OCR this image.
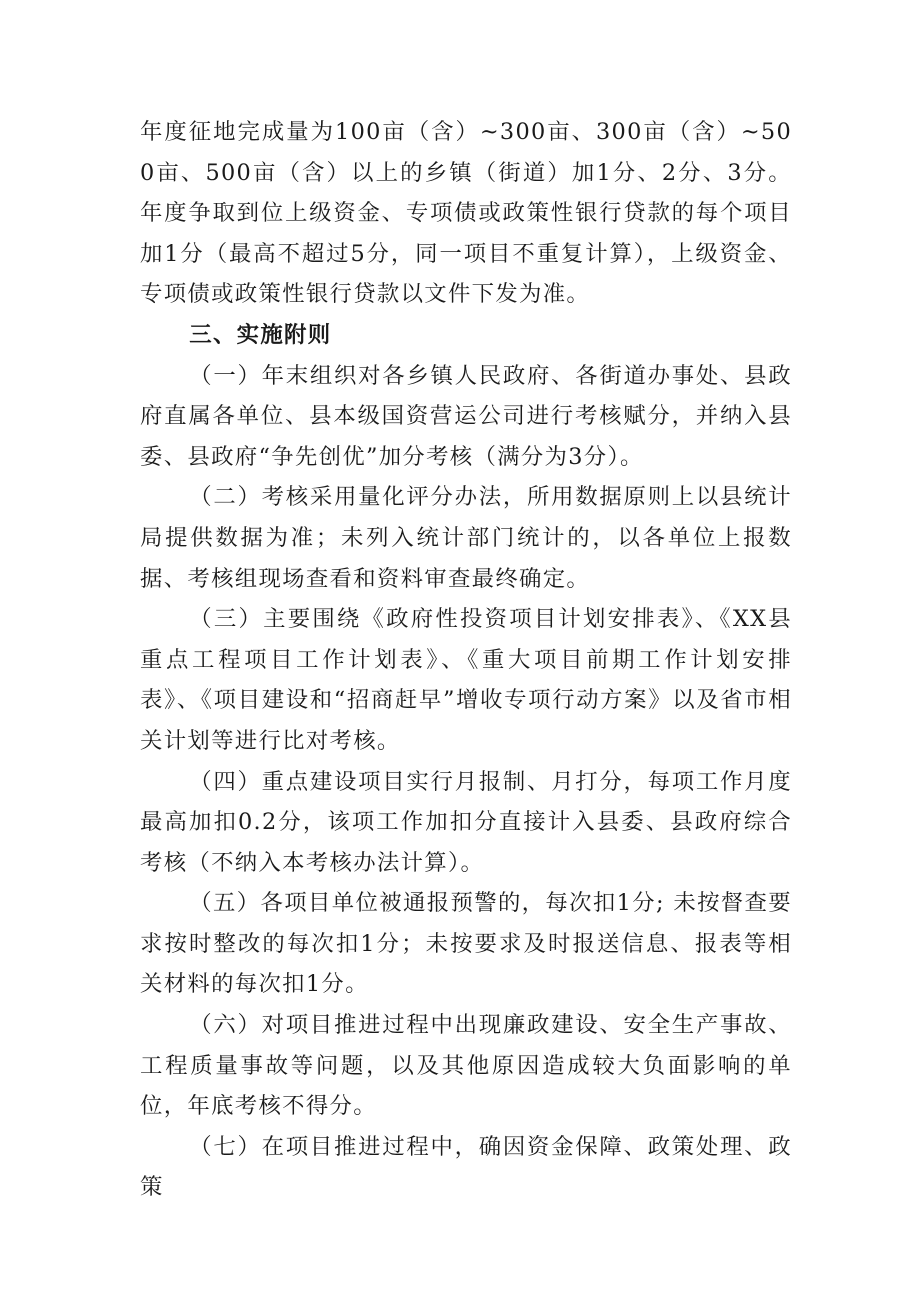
年度征地完成量为100亩（含）~300亩、300亩（含）~500亩、500亩（含）以上的乡镇（街道）加1分、2分、3分。年度争取到位上级资金、专项债或政策性银行贷款的每个项目加1分（最高不超过5分，同一项目不重复计算），上级资金、专项债或政策性银行贷款以文件下发为准。

三、实施附则

（一）年末组织对各乡镇人民政府、各街道办事处、县政府直属各单位、县本级国资营运公司进行考核赋分，并纳入县委、县政府“争先创优”加分考核（满分为3分）。

（二）考核采用量化评分办法，所用数据原则上以县统计局提供数据为准；未列入统计部门统计的，以各单位上报数据、考核组现场查看和资料审查最终确定。

（三）主要围绕《政府性投资项目计划安排表》、《XX县重点工程项目工作计划表》、《重大项目前期工作计划安排表》、《项目建设和“招商赶早”增收专项行动方案》以及省市相关计划等进行比对考核。

（四）重点建设项目实行月报制、月打分，每项工作月度最高加扣0.2分，该项工作加扣分直接计入县委、县政府综合考核（不纳入本考核办法计算）。

（五）各项目单位被通报预警的，每次扣1分; 未按督查要求按时整改的每次扣1分；未按要求及时报送信息、报表等相关材料的每次扣1分。

（六）对项目推进过程中出现廉政建设、安全生产事故、工程质量事故等问题，以及其他原因造成较大负面影响的单位，年底考核不得分。

（七）在项目推进过程中，确因资金保障、政策处理、政策
